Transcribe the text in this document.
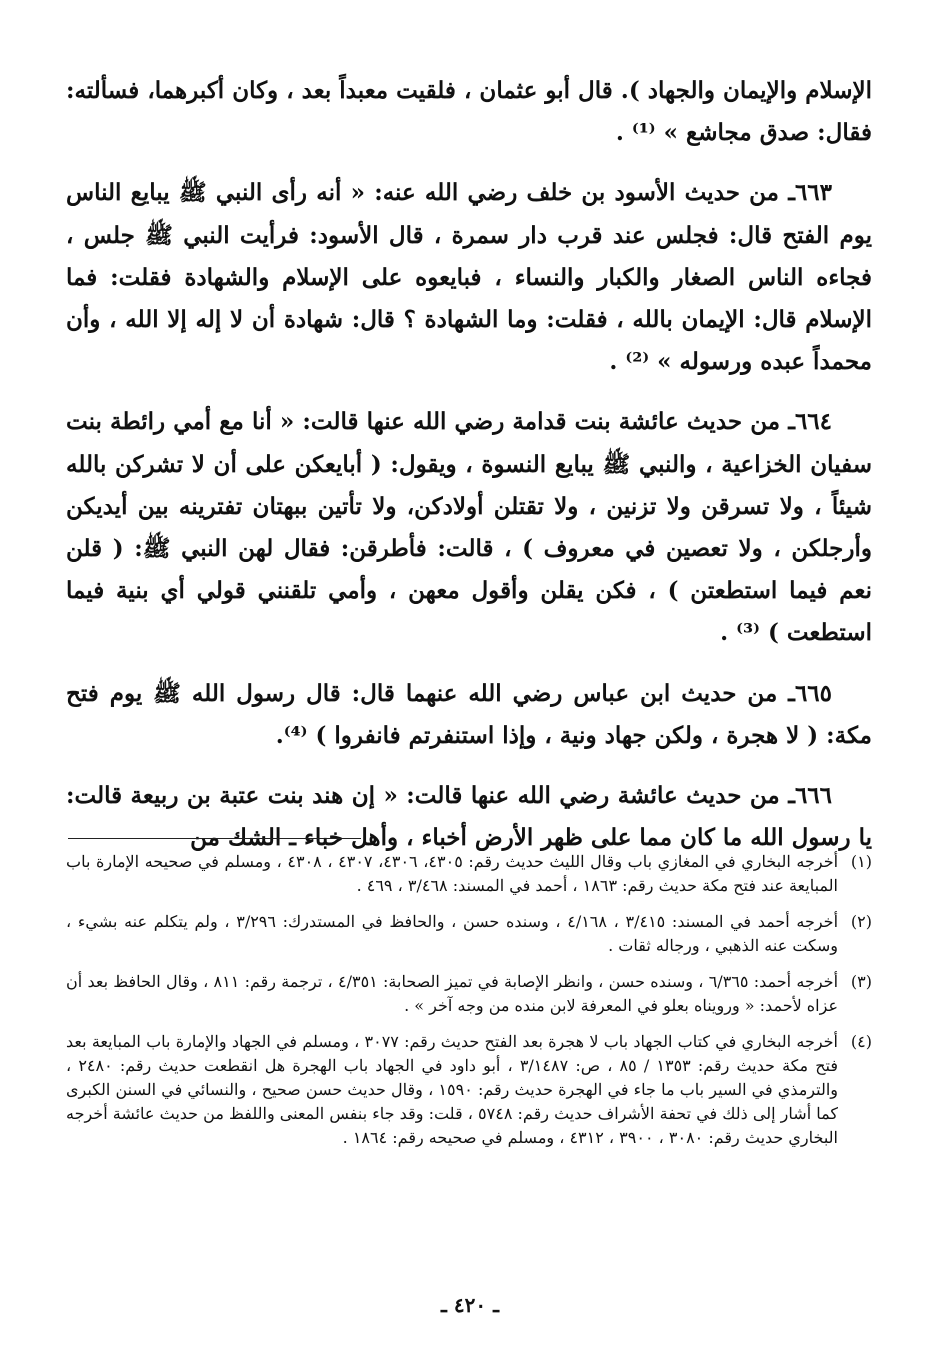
الإسلام والإيمان والجهاد ). قال أبو عثمان ، فلقيت معبداً بعد ، وكان أكبرهما، فسألته: فقال: صدق مجاشع » ⁽¹⁾ .

٦٦٣ـ من حديث الأسود بن خلف رضي الله عنه: « أنه رأى النبي ﷺ يبايع الناس يوم الفتح قال: فجلس عند قرب دار سمرة ، قال الأسود: فرأيت النبي ﷺ جلس ، فجاءه الناس الصغار والكبار والنساء ، فبايعوه على الإسلام والشهادة فقلت: فما الإسلام قال: الإيمان بالله ، فقلت: وما الشهادة ؟ قال: شهادة أن لا إله إلا الله ، وأن محمداً عبده ورسوله » ⁽²⁾ .

٦٦٤ـ من حديث عائشة بنت قدامة رضي الله عنها قالت: « أنا مع أمي رائطة بنت سفيان الخزاعية ، والنبي ﷺ يبايع النسوة ، ويقول: ( أبايعكن على أن لا تشركن بالله شيئاً ، ولا تسرقن ولا تزنين ، ولا تقتلن أولادكن، ولا تأتين ببهتان تفترينه بين أيديكن وأرجلكن ، ولا تعصين في معروف ) ، قالت: فأطرقن: فقال لهن النبي ﷺ: ( قلن نعم فيما استطعتن ) ، فكن يقلن وأقول معهن ، وأمي تلقنني قولي أي بنية فيما استطعت ) ⁽³⁾ .

٦٦٥ـ من حديث ابن عباس رضي الله عنهما قال: قال رسول الله ﷺ يوم فتح مكة: ( لا هجرة ، ولكن جهاد ونية ، وإذا استنفرتم فانفروا ) ⁽⁴⁾.

٦٦٦ـ من حديث عائشة رضي الله عنها قالت: « إن هند بنت عتبة بن ربيعة قالت: يا رسول الله ما كان مما على ظهر الأرض أخباء ، وأهل خباء ـ الشك من

(١)
أخرجه البخاري في المغازي باب وقال الليث حديث رقم: ٤٣٠٥، ٤٣٠٦، ٤٣٠٧ ، ٤٣٠٨ ، ومسلم في صحيحه الإمارة باب المبايعة عند فتح مكة حديث رقم: ١٨٦٣ ، أحمد في المسند: ٣/٤٦٨ ، ٤٦٩ .
(٢)
أخرجه أحمد في المسند: ٣/٤١٥ ، ٤/١٦٨ ، وسنده حسن ، والحافظ في المستدرك: ٣/٢٩٦ ، ولم يتكلم عنه بشيء ، وسكت عنه الذهبي ، ورجاله ثقات .
(٣)
أخرجه أحمد: ٦/٣٦٥ ، وسنده حسن ، وانظر الإصابة في تميز الصحابة: ٤/٣٥١ ، ترجمة رقم: ٨١١ ، وقال الحافظ بعد أن عزاه لأحمد: « ورويناه بعلو في المعرفة لابن منده من وجه آخر » .
(٤)
أخرجه البخاري في كتاب الجهاد باب لا هجرة بعد الفتح حديث رقم: ٣٠٧٧ ، ومسلم في الجهاد والإمارة باب المبايعة بعد فتح مكة حديث رقم: ١٣٥٣ / ٨٥ ، ص: ٣/١٤٨٧ ، أبو داود في الجهاد باب الهجرة هل انقطعت حديث رقم: ٢٤٨٠ ، والترمذي في السير باب ما جاء في الهجرة حديث رقم: ١٥٩٠ ، وقال حديث حسن صحيح ، والنسائي في السنن الكبرى كما أشار إلى ذلك في تحفة الأشراف حديث رقم: ٥٧٤٨ ، قلت: وقد جاء بنفس المعنى واللفظ من حديث عائشة أخرجه البخاري حديث رقم: ٣٠٨٠ ، ٣٩٠٠ ، ٤٣١٢ ، ومسلم في صحيحه رقم: ١٨٦٤ .
ـ ٤٢٠ ـ
